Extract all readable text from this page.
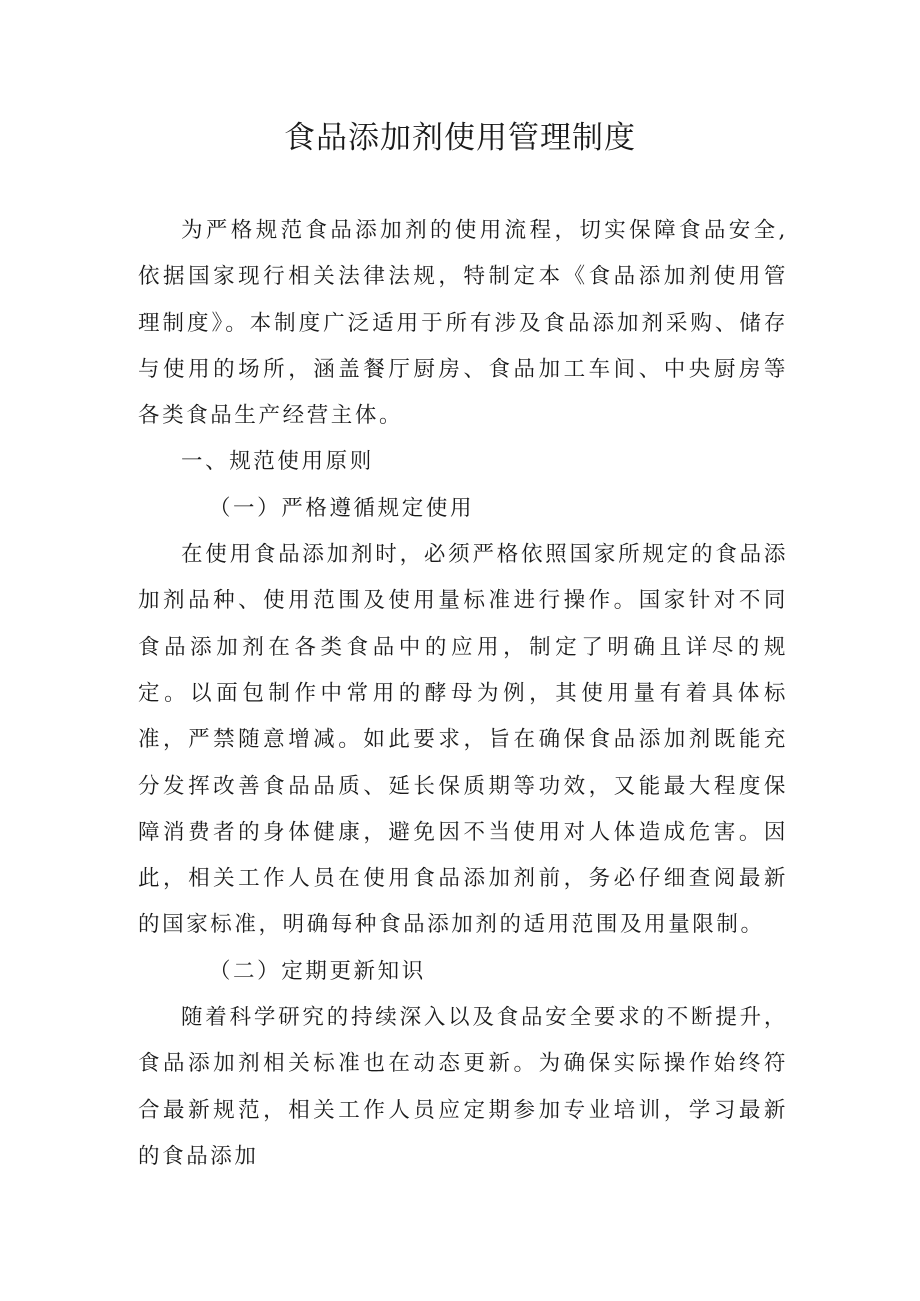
食品添加剂使用管理制度

为严格规范食品添加剂的使用流程，切实保障食品安全,依据国家现行相关法律法规，特制定本《食品添加剂使用管理制度》。本制度广泛适用于所有涉及食品添加剂采购、储存与使用的场所，涵盖餐厅厨房、食品加工车间、中央厨房等各类食品生产经营主体。

一、规范使用原则

（一）严格遵循规定使用

在使用食品添加剂时，必须严格依照国家所规定的食品添加剂品种、使用范围及使用量标准进行操作。国家针对不同食品添加剂在各类食品中的应用，制定了明确且详尽的规定。以面包制作中常用的酵母为例，其使用量有着具体标准，严禁随意增减。如此要求，旨在确保食品添加剂既能充分发挥改善食品品质、延长保质期等功效，又能最大程度保障消费者的身体健康，避免因不当使用对人体造成危害。因此，相关工作人员在使用食品添加剂前，务必仔细查阅最新的国家标准，明确每种食品添加剂的适用范围及用量限制。

（二）定期更新知识

随着科学研究的持续深入以及食品安全要求的不断提升，食品添加剂相关标准也在动态更新。为确保实际操作始终符合最新规范，相关工作人员应定期参加专业培训，学习最新的食品添加
